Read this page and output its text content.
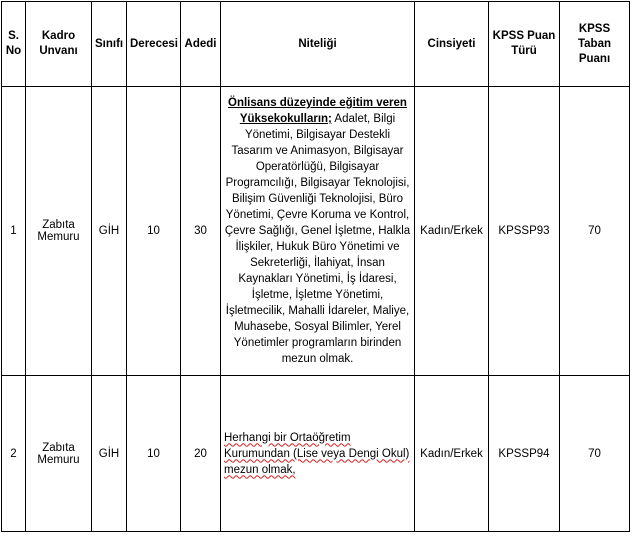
S. No	Kadro Unvanı	Sınıfı	Derecesi	Adedi	Niteliği	Cinsiyeti	KPSS Puan Türü	KPSS Taban Puanı
1	Zabıta Memuru	GİH	10	30	Önlisans düzeyinde eğitim veren Yüksekokulların; Adalet, Bilgi Yönetimi, Bilgisayar Destekli Tasarım ve Animasyon, Bilgisayar Operatörlüğü, Bilgisayar Programcılığı, Bilgisayar Teknolojisi, Bilişim Güvenliği Teknolojisi, Büro Yönetimi, Çevre Koruma ve Kontrol, Çevre Sağlığı, Genel İşletme, Halkla İlişkiler, Hukuk Büro Yönetimi ve Sekreterliği, İlahiyat, İnsan Kaynakları Yönetimi, İş İdaresi, İşletme, İşletme Yönetimi, İşletmecilik, Mahalli İdareler, Maliye, Muhasebe, Sosyal Bilimler, Yerel Yönetimler programların birinden mezun olmak.	Kadın/Erkek	KPSSP93	70
2	Zabıta Memuru	GİH	10	20	Herhangi bir Ortaöğretim Kurumundan (Lise veya Dengi Okul) mezun olmak,	Kadın/Erkek	KPSSP94	70
